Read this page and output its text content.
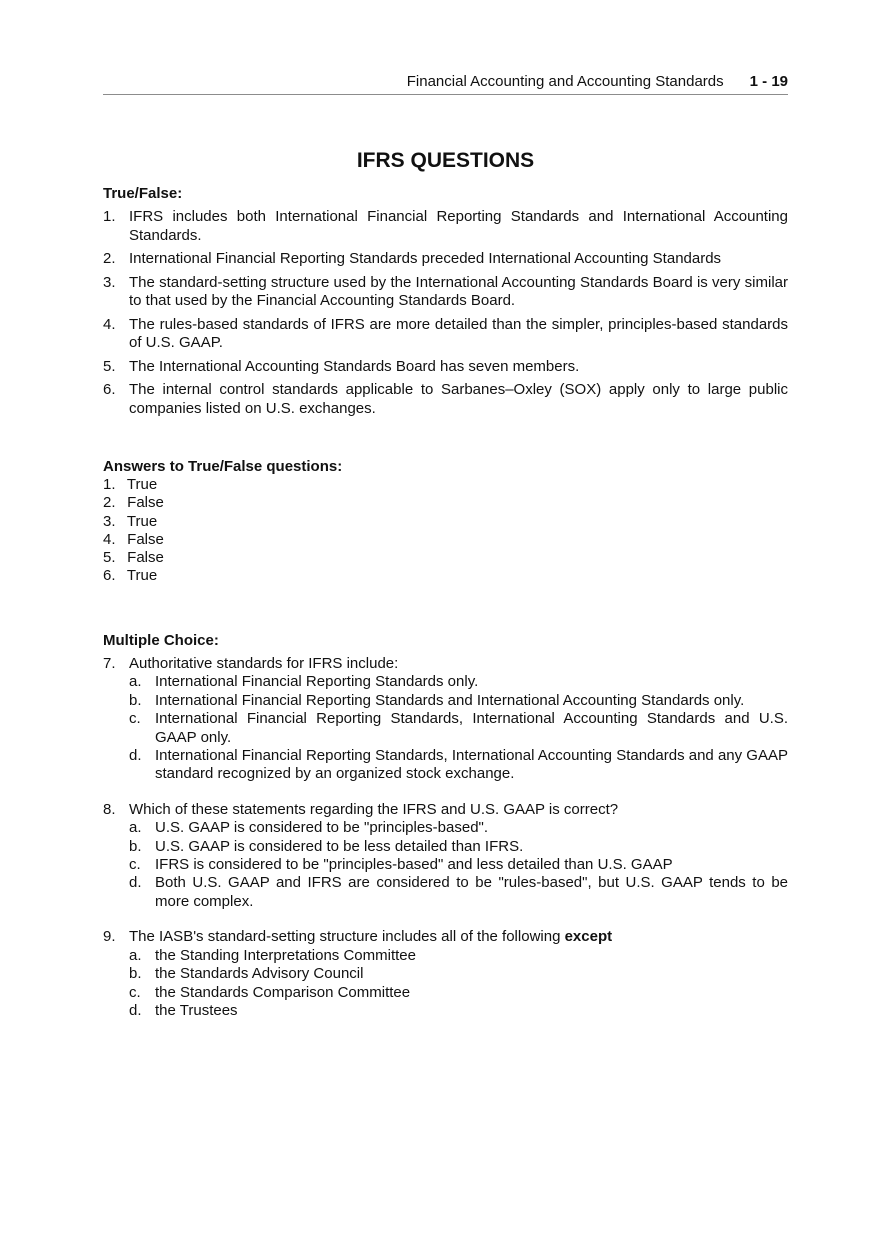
Financial Accounting and Accounting Standards 1 - 19
IFRS QUESTIONS
True/False:
1. IFRS includes both International Financial Reporting Standards and International Accounting Standards.
2. International Financial Reporting Standards preceded International Accounting Standards
3. The standard-setting structure used by the International Accounting Standards Board is very similar to that used by the Financial Accounting Standards Board.
4. The rules-based standards of IFRS are more detailed than the simpler, principles-based standards of U.S. GAAP.
5. The International Accounting Standards Board has seven members.
6. The internal control standards applicable to Sarbanes–Oxley (SOX) apply only to large public companies listed on U.S. exchanges.
Answers to True/False questions:
1. True
2. False
3. True
4. False
5. False
6. True
Multiple Choice:
7. Authoritative standards for IFRS include:
a. International Financial Reporting Standards only.
b. International Financial Reporting Standards and International Accounting Standards only.
c. International Financial Reporting Standards, International Accounting Standards and U.S. GAAP only.
d. International Financial Reporting Standards, International Accounting Standards and any GAAP standard recognized by an organized stock exchange.
8. Which of these statements regarding the IFRS and U.S. GAAP is correct?
a. U.S. GAAP is considered to be "principles-based".
b. U.S. GAAP is considered to be less detailed than IFRS.
c. IFRS is considered to be "principles-based" and less detailed than U.S. GAAP
d. Both U.S. GAAP and IFRS are considered to be "rules-based", but U.S. GAAP tends to be more complex.
9. The IASB's standard-setting structure includes all of the following except
a. the Standing Interpretations Committee
b. the Standards Advisory Council
c. the Standards Comparison Committee
d. the Trustees
